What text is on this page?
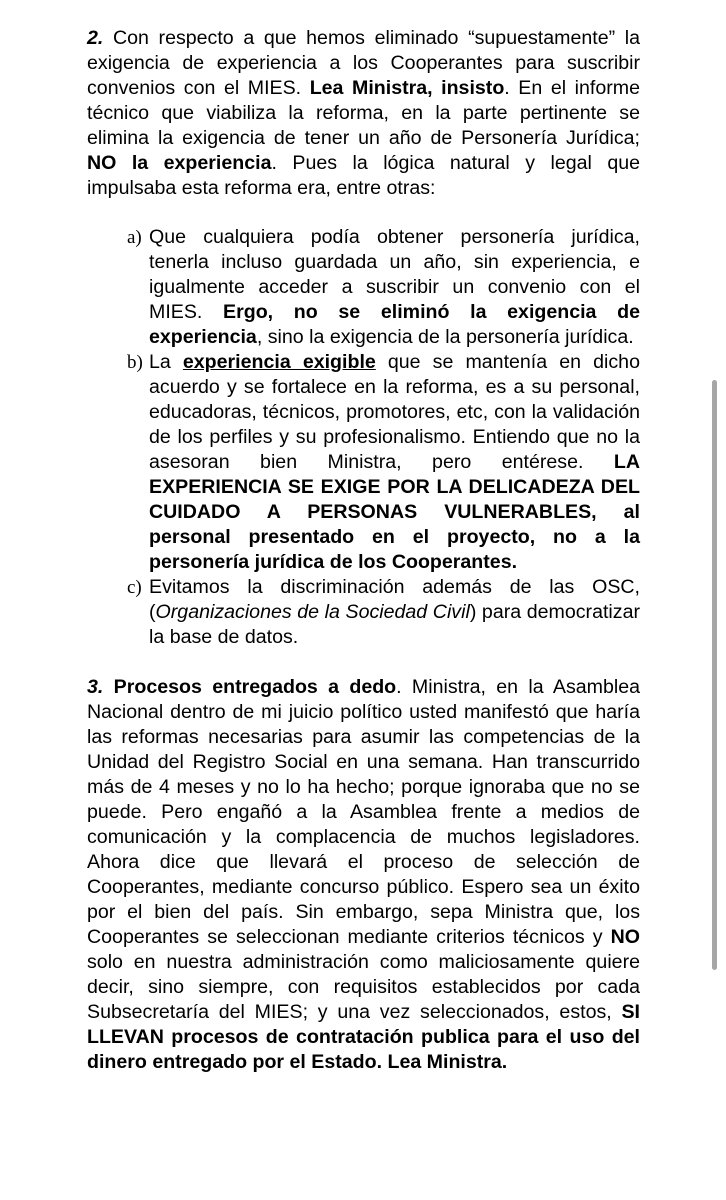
2. Con respecto a que hemos eliminado “supuestamente” la exigencia de experiencia a los Cooperantes para suscribir convenios con el MIES. Lea Ministra, insisto. En el informe técnico que viabiliza la reforma, en la parte pertinente se elimina la exigencia de tener un año de Personería Jurídica; NO la experiencia. Pues la lógica natural y legal que impulsaba esta reforma era, entre otras:

a) Que cualquiera podía obtener personería jurídica, tenerla incluso guardada un año, sin experiencia, e igualmente acceder a suscribir un convenio con el MIES. Ergo, no se eliminó la exigencia de experiencia, sino la exigencia de la personería jurídica.

b) La experiencia exigible que se mantenía en dicho acuerdo y se fortalece en la reforma, es a su personal, educadoras, técnicos, promotores, etc, con la validación de los perfiles y su profesionalismo. Entiendo que no la asesoran bien Ministra, pero entérese. LA EXPERIENCIA SE EXIGE POR LA DELICADEZA DEL CUIDADO A PERSONAS VULNERABLES, al personal presentado en el proyecto, no a la personería jurídica de los Cooperantes.

c) Evitamos la discriminación además de las OSC, (Organizaciones de la Sociedad Civil) para democratizar la base de datos.

3. Procesos entregados a dedo. Ministra, en la Asamblea Nacional dentro de mi juicio político usted manifestó que haría las reformas necesarias para asumir las competencias de la Unidad del Registro Social en una semana. Han transcurrido más de 4 meses y no lo ha hecho; porque ignoraba que no se puede. Pero engañó a la Asamblea frente a medios de comunicación y la complacencia de muchos legisladores. Ahora dice que llevará el proceso de selección de Cooperantes, mediante concurso público. Espero sea un éxito por el bien del país. Sin embargo, sepa Ministra que, los Cooperantes se seleccionan mediante criterios técnicos y NO solo en nuestra administración como maliciosamente quiere decir, sino siempre, con requisitos establecidos por cada Subsecretaría del MIES; y una vez seleccionados, estos, SI LLEVAN procesos de contratación publica para el uso del dinero entregado por el Estado. Lea Ministra.
